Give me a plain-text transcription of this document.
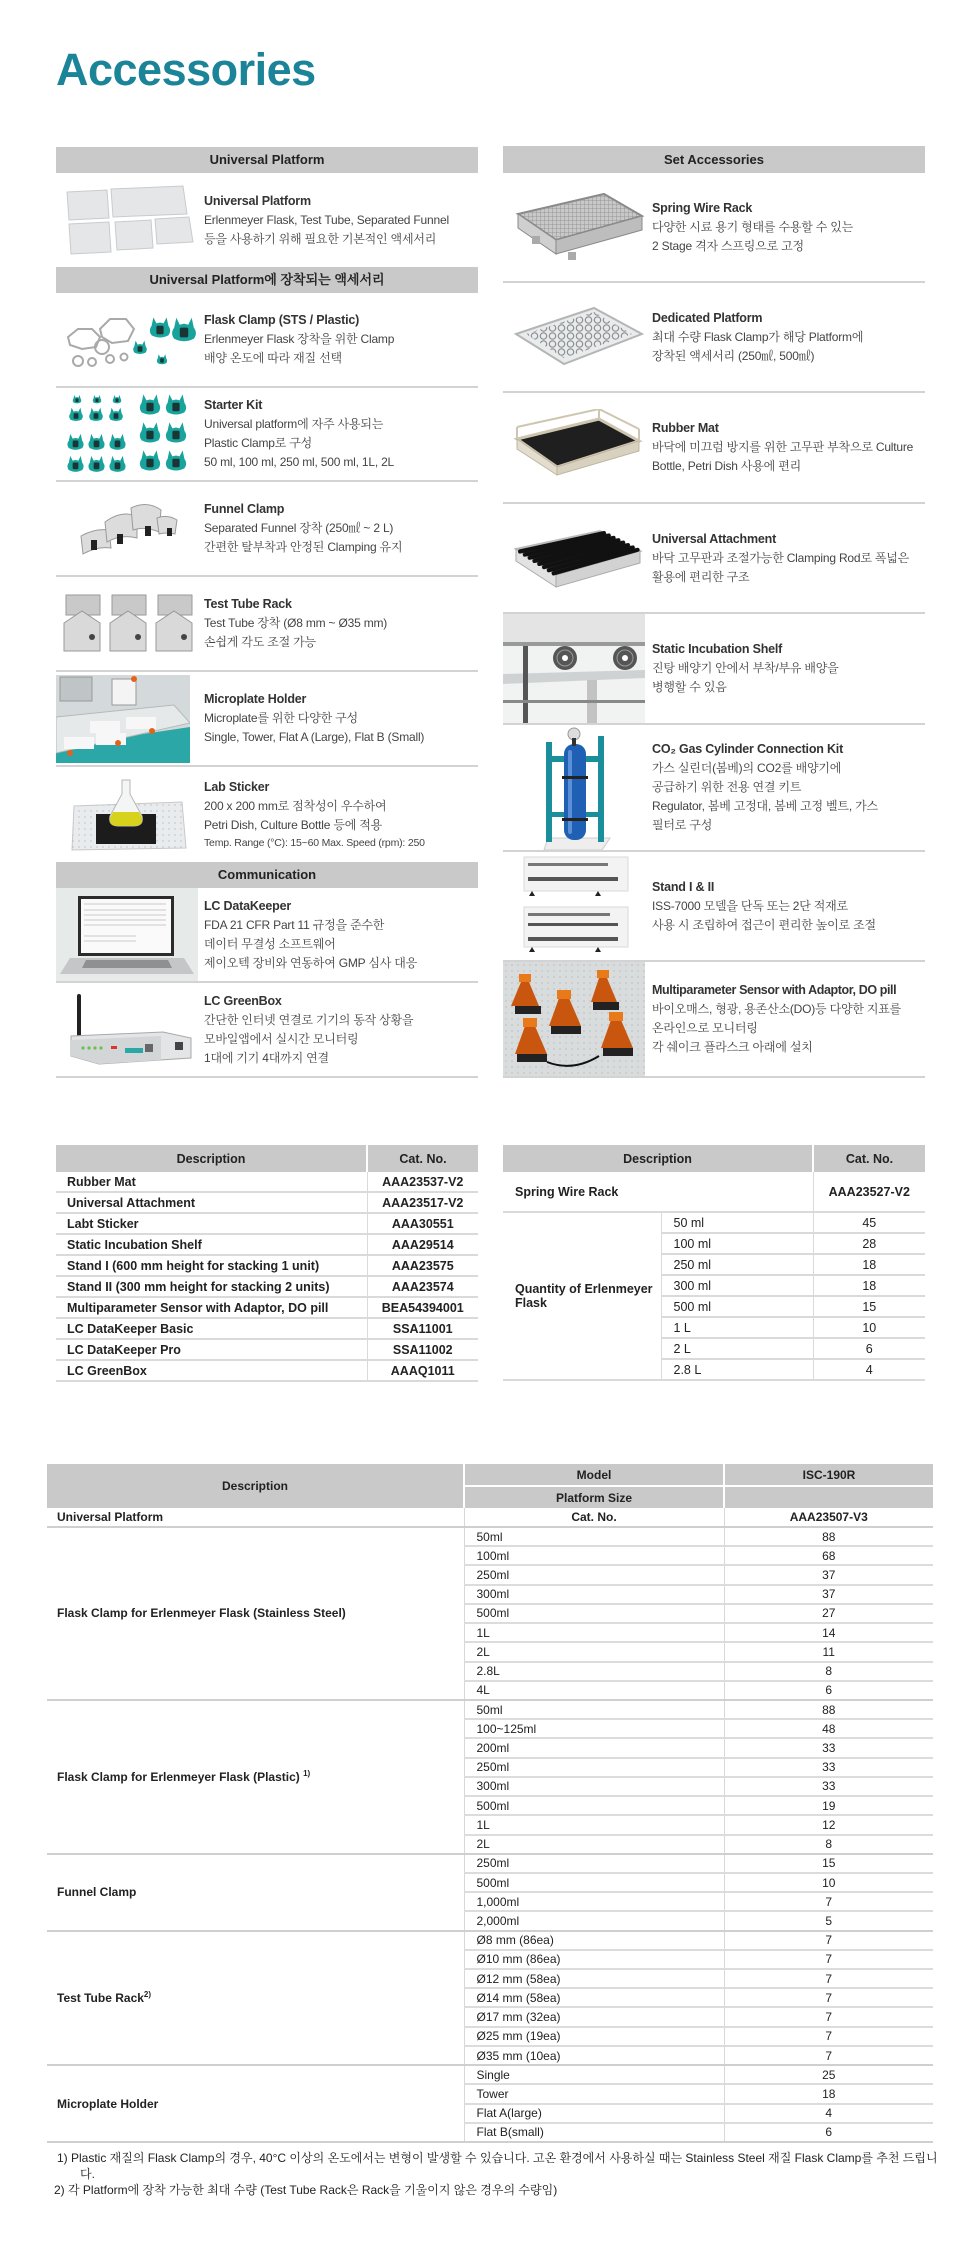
Accessories
Universal Platform
Universal Platform
Erlenmeyer Flask, Test Tube, Separated Funnel
등을 사용하기 위해 필요한 기본적인 액세서리
Universal Platform에 장착되는 액세서리
Flask Clamp (STS / Plastic)
Erlenmeyer Flask 장착을 위한 Clamp
배양 온도에 따라 재질 선택
Starter Kit
Universal platform에 자주 사용되는
Plastic Clamp로 구성
50 ml, 100 ml, 250 ml, 500 ml, 1L, 2L
Funnel Clamp
Separated Funnel 장착 (250㎖ ~ 2 L)
간편한 탈부착과 안정된 Clamping 유지
Test Tube Rack
Test Tube 장착 (Ø8 mm ~ Ø35 mm)
손쉽게 각도 조절 가능
Microplate Holder
Microplate를 위한 다양한 구성
Single, Tower, Flat A (Large), Flat B (Small)
Lab Sticker
200 x 200 mm로 점착성이 우수하여
Petri Dish, Culture Bottle 등에 적용
Temp. Range (°C): 15~60 Max. Speed (rpm): 250
Communication
LC DataKeeper
FDA 21 CFR Part 11 규정을 준수한
데이터 무결성 소프트웨어
제이오텍 장비와 연동하여 GMP 심사 대응
LC GreenBox
간단한 인터넷 연결로 기기의 동작 상황을
모바일앱에서 실시간 모니터링
1대에 기기 4대까지 연결
Set Accessories
Spring Wire Rack
다양한 시료 용기 형태를 수용할 수 있는
2 Stage 격자 스프링으로 고정
Dedicated Platform
최대 수량 Flask Clamp가 해당 Platform에
장착된 액세서리 (250㎖, 500㎖)
Rubber Mat
바닥에 미끄럼 방지를 위한 고무판 부착으로 Culture
Bottle, Petri Dish 사용에 편리
Universal Attachment
바닥 고무판과 조절가능한 Clamping Rod로 폭넓은
활용에 편리한 구조
Static Incubation Shelf
진탕 배양기 안에서 부착/부유 배양을
병행할 수 있음
CO₂ Gas Cylinder Connection Kit
가스 실린더(봄베)의 CO2를 배양기에
공급하기 위한 전용 연결 키트
Regulator, 봄베 고정대, 봄베 고정 벨트, 가스
필터로 구성
Stand I & II
ISS-7000 모델을 단독 또는 2단 적재로
사용 시 조립하여 접근이 편리한 높이로 조절
Multiparameter Sensor with Adaptor, DO pill
바이오매스, 형광, 용존산소(DO)등 다양한 지표를
온라인으로 모니터링
각 쉐이크 플라스크 아래에 설치
Description	Cat. No.
Rubber Mat	AAA23537-V2
Universal Attachment	AAA23517-V2
Labt Sticker	AAA30551
Static Incubation Shelf	AAA29514
Stand I (600 mm height for stacking 1 unit)	AAA23575
Stand II (300 mm height for stacking 2 units)	AAA23574
Multiparameter Sensor with Adaptor, DO pill	BEA54394001
LC DataKeeper Basic	SSA11001
LC DataKeeper Pro	SSA11002
LC GreenBox	AAAQ1011
Description		Cat. No.
Spring Wire Rack		AAA23527-V2
Quantity of Erlenmeyer Flask	50 ml	45
	100 ml	28
	250 ml	18
	300 ml	18
	500 ml	15
	1 L	10
	2 L	6
	2.8 L	4
Description	Model	ISC-190R
	Platform Size	
Universal Platform	Cat. No.	AAA23507-V3
Flask Clamp for Erlenmeyer Flask (Stainless Steel)	50ml	88
	100ml	68
	250ml	37
	300ml	37
	500ml	27
	1L	14
	2L	11
	2.8L	8
	4L	6
Flask Clamp for Erlenmeyer Flask (Plastic) $^{1)}$	50ml	88
	100~125ml	48
	200ml	33
	250ml	33
	300ml	33
	500ml	19
	1L	12
	2L	8
Funnel Clamp	250ml	15
	500ml	10
	1,000ml	7
	2,000ml	5
Test Tube Rack$^{2)}$	Ø8 mm (86ea)	7
	Ø10 mm (86ea)	7
	Ø12 mm (58ea)	7
	Ø14 mm (58ea)	7
	Ø17 mm (32ea)	7
	Ø25 mm (19ea)	7
	Ø35 mm (10ea)	7
Microplate Holder	Single	25
	Tower	18
	Flat A(large)	4
	Flat B(small)	6
1) Plastic 재질의 Flask Clamp의 경우, 40°C 이상의 온도에서는 변형이 발생할 수 있습니다. 고온 환경에서 사용하실 때는 Stainless Steel 재질 Flask Clamp를 추천 드립니다.
2) 각 Platform에 장착 가능한 최대 수량 (Test Tube Rack은 Rack을 기울이지 않은 경우의 수량임)
